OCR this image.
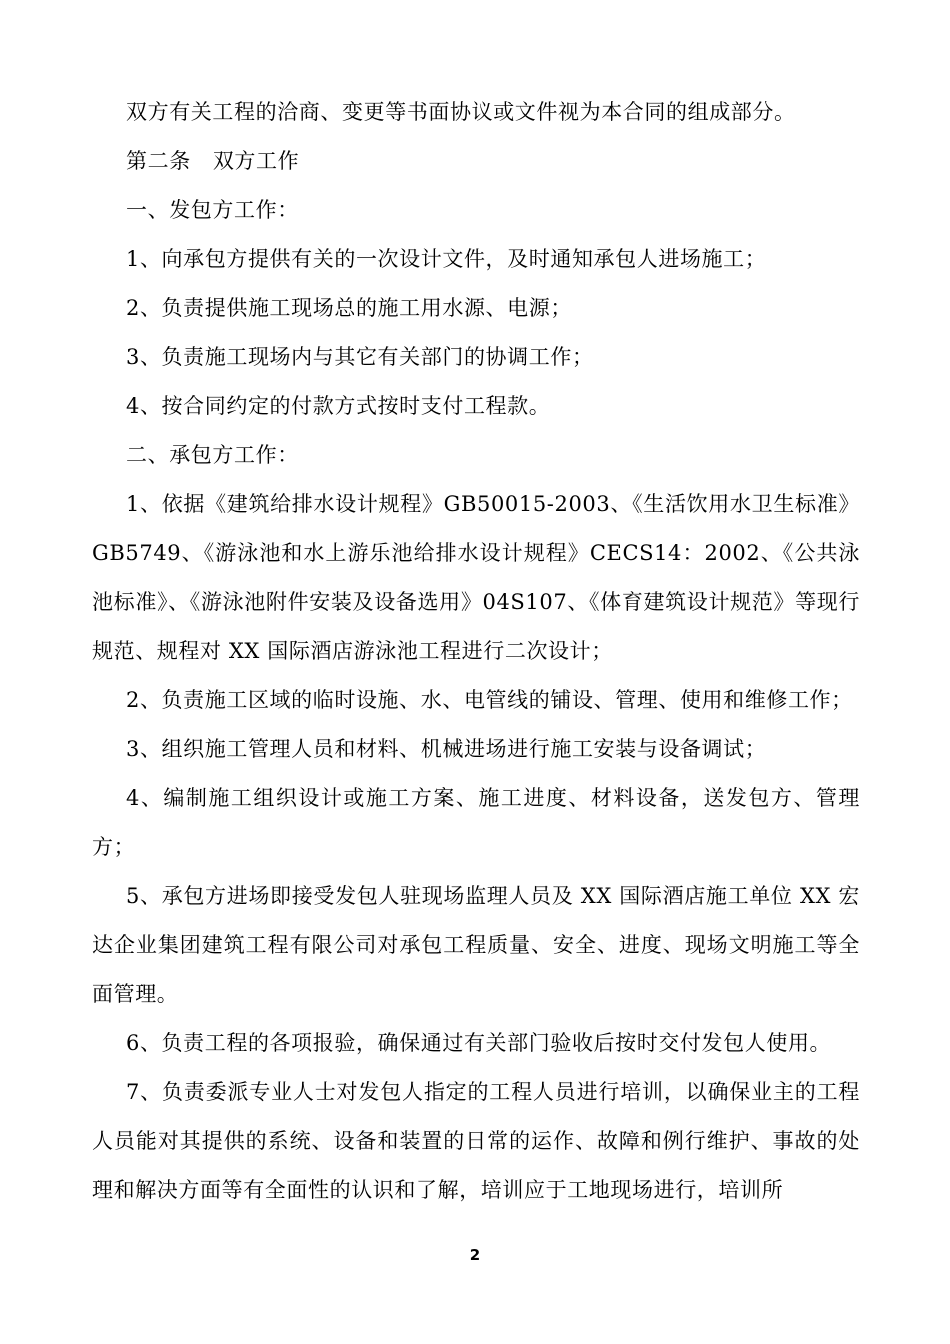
双方有关工程的洽商、变更等书面协议或文件视为本合同的组成部分。

第二条 双方工作

一、发包方工作：

1、向承包方提供有关的一次设计文件，及时通知承包人进场施工；

2、负责提供施工现场总的施工用水源、电源；

3、负责施工现场内与其它有关部门的协调工作；

4、按合同约定的付款方式按时支付工程款。

二、承包方工作：

1、依据《建筑给排水设计规程》GB50015-2003、《生活饮用水卫生标准》GB5749、《游泳池和水上游乐池给排水设计规程》CECS14：2002、《公共泳池标准》、《游泳池附件安装及设备选用》04S107、《体育建筑设计规范》等现行规范、规程对 XX 国际酒店游泳池工程进行二次设计；

2、负责施工区域的临时设施、水、电管线的铺设、管理、使用和维修工作；

3、组织施工管理人员和材料、机械进场进行施工安装与设备调试；

4、编制施工组织设计或施工方案、施工进度、材料设备，送发包方、管理方；

5、承包方进场即接受发包人驻现场监理人员及 XX 国际酒店施工单位 XX 宏达企业集团建筑工程有限公司对承包工程质量、安全、进度、现场文明施工等全面管理。

6、负责工程的各项报验，确保通过有关部门验收后按时交付发包人使用。

7、负责委派专业人士对发包人指定的工程人员进行培训，以确保业主的工程人员能对其提供的系统、设备和装置的日常的运作、故障和例行维护、事故的处理和解决方面等有全面性的认识和了解，培训应于工地现场进行，培训所

2
